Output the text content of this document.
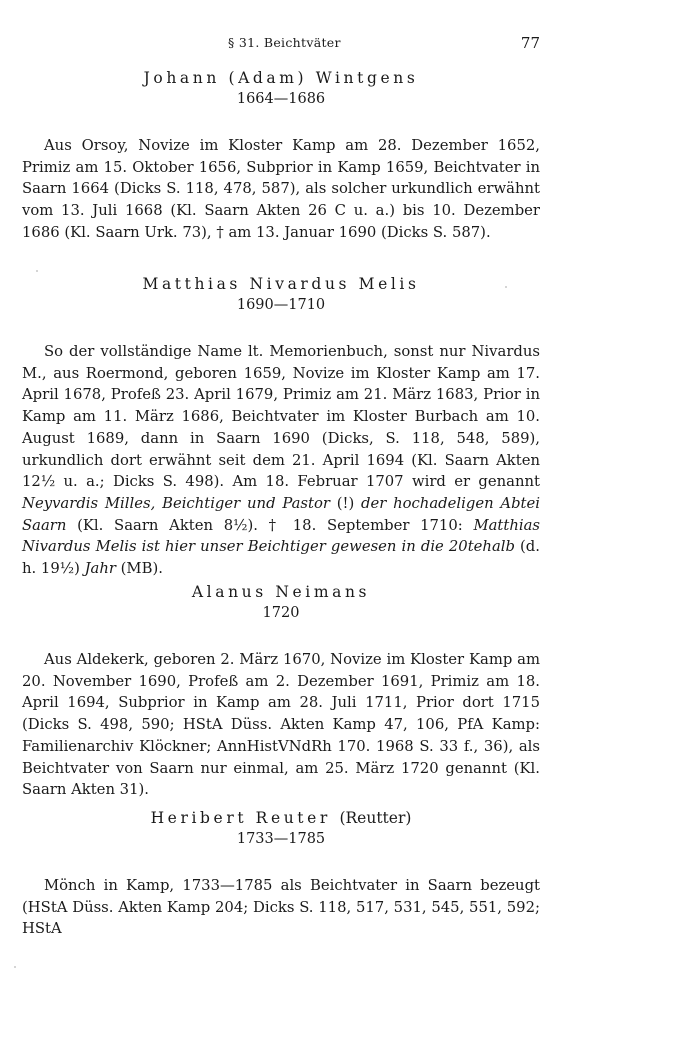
§ 31. Beichtväter	77
Johann (Adam) Wintgens
1664—1686
Aus Orsoy, Novize im Kloster Kamp am 28. Dezember 1652, Primiz am 15. Oktober 1656, Subprior in Kamp 1659, Beichtvater in Saarn 1664 (Dicks S. 118, 478, 587), als solcher urkundlich erwähnt vom 13. Juli 1668 (Kl. Saarn Akten 26 C u. a.) bis 10. Dezember 1686 (Kl. Saarn Urk. 73), † am 13. Januar 1690 (Dicks S. 587).
Matthias Nivardus Melis
1690—1710
So der vollständige Name lt. Memorienbuch, sonst nur Nivardus M., aus Roermond, geboren 1659, Novize im Kloster Kamp am 17. April 1678, Profeß 23. April 1679, Primiz am 21. März 1683, Prior in Kamp am 11. März 1686, Beichtvater im Kloster Burbach am 10. August 1689, dann in Saarn 1690 (Dicks, S. 118, 548, 589), urkundlich dort erwähnt seit dem 21. April 1694 (Kl. Saarn Akten 12½ u. a.; Dicks S. 498). Am 18. Februar 1707 wird er genannt Neyvardis Milles, Beichtiger und Pastor (!) der hochadeligen Abtei Saarn (Kl. Saarn Akten 8½). † 18. September 1710: Matthias Nivardus Melis ist hier unser Beichtiger gewesen in die 20tehalb (d. h. 19½) Jahr (MB).
Alanus Neimans
1720
Aus Aldekerk, geboren 2. März 1670, Novize im Kloster Kamp am 20. November 1690, Profeß am 2. Dezember 1691, Primiz am 18. April 1694, Subprior in Kamp am 28. Juli 1711, Prior dort 1715 (Dicks S. 498, 590; HStA Düss. Akten Kamp 47, 106, PfA Kamp: Familienarchiv Klöckner; AnnHistVNdRh 170. 1968 S. 33 f., 36), als Beichtvater von Saarn nur einmal, am 25. März 1720 genannt (Kl. Saarn Akten 31).
Heribert Reuter (Reutter)
1733—1785
Mönch in Kamp, 1733—1785 als Beichtvater in Saarn bezeugt (HStA Düss. Akten Kamp 204; Dicks S. 118, 517, 531, 545, 551, 592; HStA
